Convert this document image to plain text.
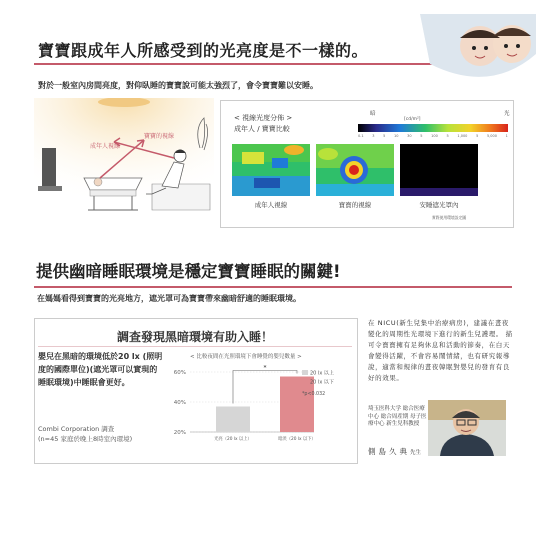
寶寶跟成年人所感受到的光亮度是不一樣的。
對於一般室內房間亮度，對仰臥睡的寶寶說可能太強烈了，會令寶寶難以安睡。
成年人視線
寶寶的視線
< 視線光度分佈 >
成年人 / 寶寶比較
暗	光
[cd/m²]
0.1 3 5 10 30 5 100 5 1,000 5 5,000 1
成年人視線	寶寶的視線	安睡遮光罩內
實際使用環境設定圖
提供幽暗睡眠環境是穩定寶寶睡眠的關鍵!
在媽媽看得到寶寶的光亮地方，遮光罩可為寶寶帶來幽暗舒適的睡眠環境。
調查發現黑暗環境有助入睡！
嬰兒在黑暗的環境低於20 lx (照明度的國際單位)(遮光罩可以實現的睡眠環境)中睡眠會更好。
Combi Corporation 調查
(n=45 家庭於晚上8時室內環境)
< 比較夜間在光照環境下會睡覺的嬰兒數量 >
20%
40%
60%
光亮（20 lx 以上）	暗淡（20 lx 以下）
*
20 lx 以上
20 lx 以下
*p<0.032
在 NICU(新生兒集中治療病房)，建議在晝夜變化的周期性光環境下進行的新生兒護理。 描可令寶寶擁有足夠休息和活動的節奏，在白天會變得活躍，不會容易鬧情緒，也有研究報導說，適當和規律的晝夜韓眠對嬰兒的發育有良好的效果。
埼玉医科大学 総合医療中心 総合周産期 母子医療中心 新生兒科教授
側島久典先生
